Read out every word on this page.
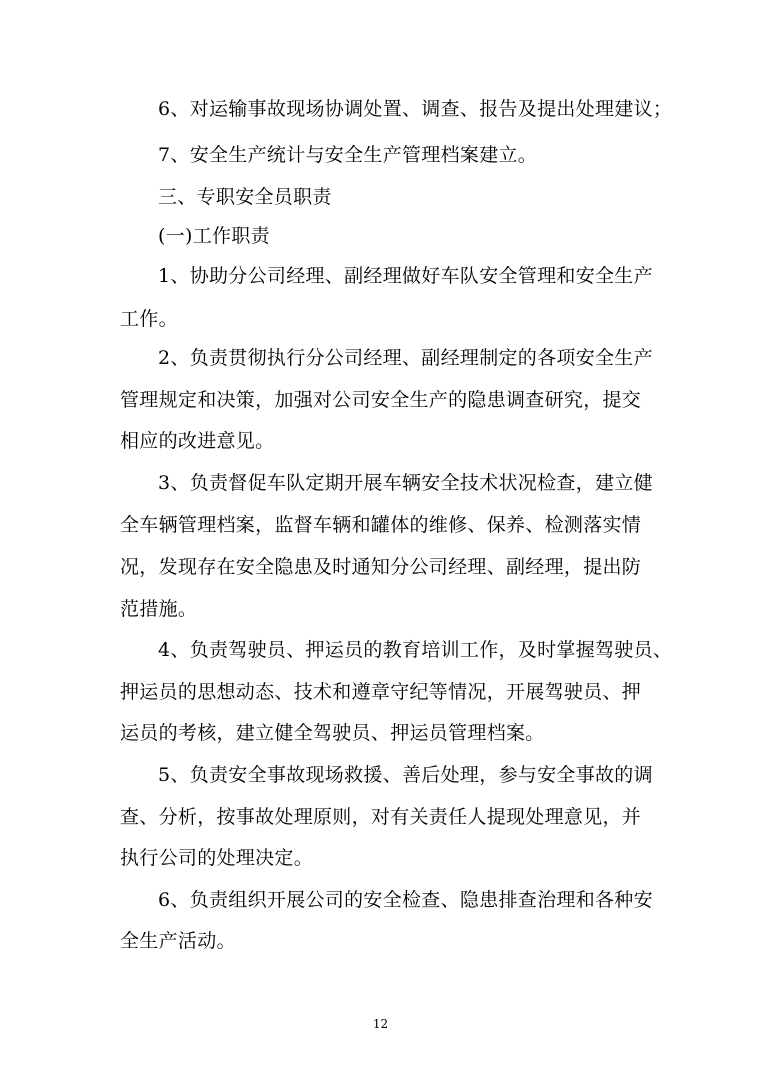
6、对运输事故现场协调处置、调查、报告及提出处理建议；
7、安全生产统计与安全生产管理档案建立。
三、专职安全员职责
(一)工作职责
1、协助分公司经理、副经理做好车队安全管理和安全生产
工作。
2、负责贯彻执行分公司经理、副经理制定的各项安全生产
管理规定和决策，加强对公司安全生产的隐患调查研究，提交
相应的改进意见。
3、负责督促车队定期开展车辆安全技术状况检查，建立健
全车辆管理档案，监督车辆和罐体的维修、保养、检测落实情
况，发现存在安全隐患及时通知分公司经理、副经理，提出防
范措施。
4、负责驾驶员、押运员的教育培训工作，及时掌握驾驶员、
押运员的思想动态、技术和遵章守纪等情况，开展驾驶员、押
运员的考核，建立健全驾驶员、押运员管理档案。
5、负责安全事故现场救援、善后处理，参与安全事故的调
查、分析，按事故处理原则，对有关责任人提现处理意见，并
执行公司的处理决定。
6、负责组织开展公司的安全检查、隐患排查治理和各种安
全生产活动。
12
